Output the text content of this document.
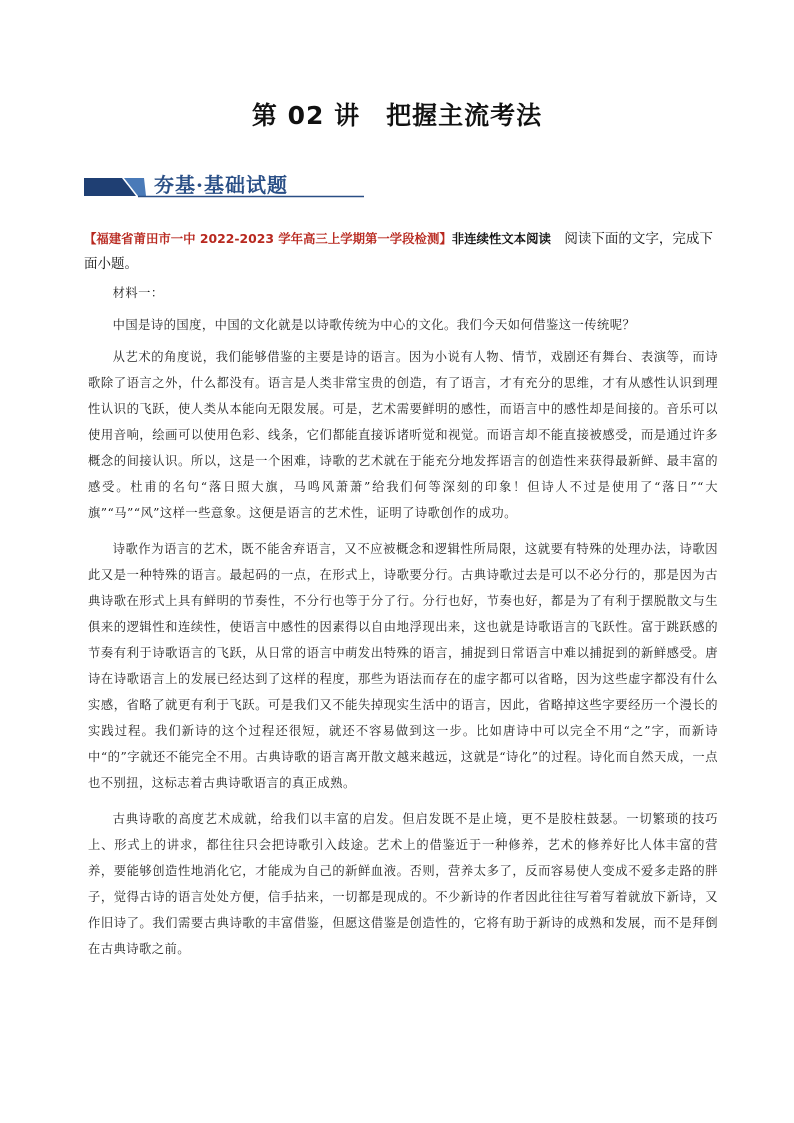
第 02 讲　把握主流考法
夯基·基础试题
【福建省莆田市一中 2022-2023 学年高三上学期第一学段检测】非连续性文本阅读　阅读下面的文字，完成下面小题。

材料一：

中国是诗的国度，中国的文化就是以诗歌传统为中心的文化。我们今天如何借鉴这一传统呢？

从艺术的角度说，我们能够借鉴的主要是诗的语言。因为小说有人物、情节，戏剧还有舞台、表演等，而诗歌除了语言之外，什么都没有。语言是人类非常宝贵的创造，有了语言，才有充分的思维，才有从感性认识到理性认识的飞跃，使人类从本能向无限发展。可是，艺术需要鲜明的感性，而语言中的感性却是间接的。音乐可以使用音响，绘画可以使用色彩、线条，它们都能直接诉诸听觉和视觉。而语言却不能直接被感受，而是通过许多概念的间接认识。所以，这是一个困难，诗歌的艺术就在于能充分地发挥语言的创造性来获得最新鲜、最丰富的感受。杜甫的名句“落日照大旗，马鸣风萧萧”给我们何等深刻的印象！但诗人不过是使用了“落日”“大旗”“马”“风”这样一些意象。这便是语言的艺术性，证明了诗歌创作的成功。

诗歌作为语言的艺术，既不能舍弃语言，又不应被概念和逻辑性所局限，这就要有特殊的处理办法，诗歌因此又是一种特殊的语言。最起码的一点，在形式上，诗歌要分行。古典诗歌过去是可以不必分行的，那是因为古典诗歌在形式上具有鲜明的节奏性，不分行也等于分了行。分行也好，节奏也好，都是为了有利于摆脱散文与生俱来的逻辑性和连续性，使语言中感性的因素得以自由地浮现出来，这也就是诗歌语言的飞跃性。富于跳跃感的节奏有利于诗歌语言的飞跃，从日常的语言中萌发出特殊的语言，捕捉到日常语言中难以捕捉到的新鲜感受。唐诗在诗歌语言上的发展已经达到了这样的程度，那些为语法而存在的虚字都可以省略，因为这些虚字都没有什么实感，省略了就更有利于飞跃。可是我们又不能失掉现实生活中的语言，因此，省略掉这些字要经历一个漫长的实践过程。我们新诗的这个过程还很短，就还不容易做到这一步。比如唐诗中可以完全不用“之”字，而新诗中“的”字就还不能完全不用。古典诗歌的语言离开散文越来越远，这就是“诗化”的过程。诗化而自然天成，一点也不别扭，这标志着古典诗歌语言的真正成熟。

古典诗歌的高度艺术成就，给我们以丰富的启发。但启发既不是止境，更不是胶柱鼓瑟。一切繁琐的技巧上、形式上的讲求，都往往只会把诗歌引入歧途。艺术上的借鉴近于一种修养，艺术的修养好比人体丰富的营养，要能够创造性地消化它，才能成为自己的新鲜血液。否则，营养太多了，反而容易使人变成不爱多走路的胖子，觉得古诗的语言处处方便，信手拈来，一切都是现成的。不少新诗的作者因此往往写着写着就放下新诗，又作旧诗了。我们需要古典诗歌的丰富借鉴，但愿这借鉴是创造性的，它将有助于新诗的成熟和发展，而不是拜倒在古典诗歌之前。
